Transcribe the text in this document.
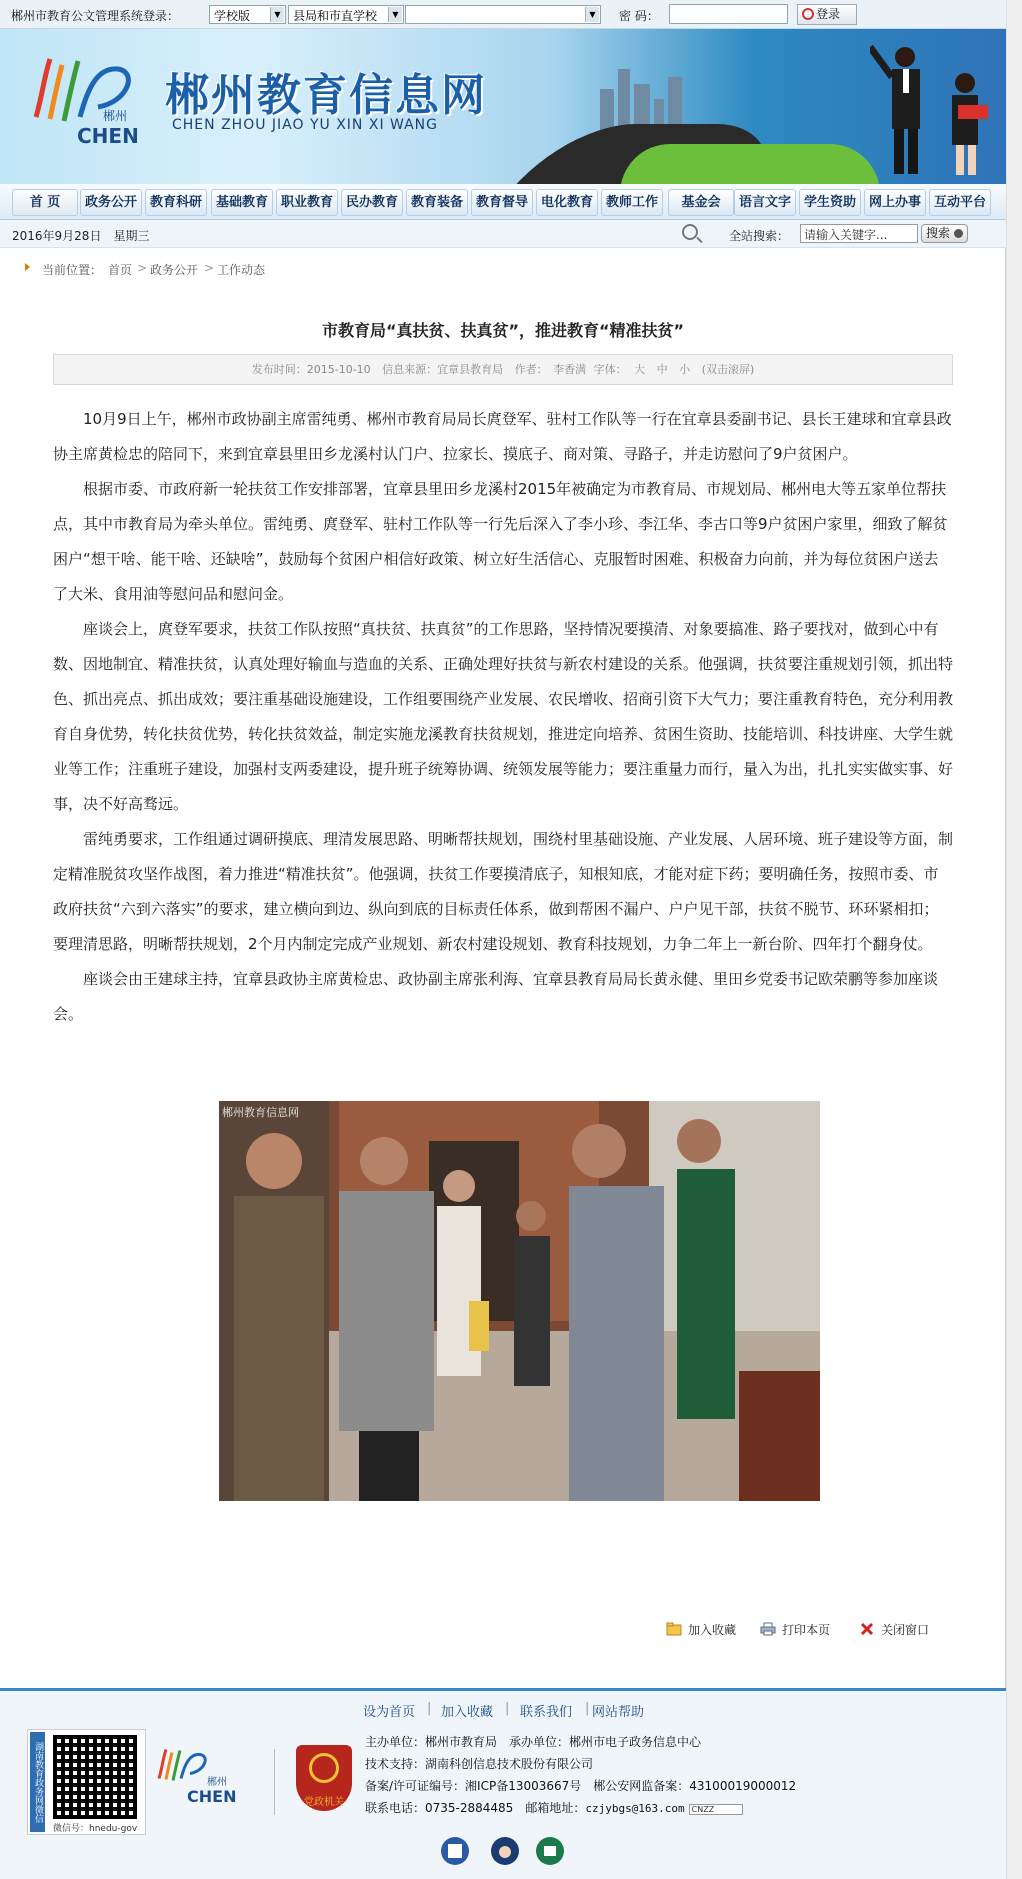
郴州市教育公文管理系统登录：	学校版	▼	县局和市直学校	▼	▼ 密 码：	登录
郴州
CHEN
郴州教育信息网
CHEN ZHOU JIAO YU XIN XI WANG
首 页	政务公开 教育科研	基础教育 职业教育 民办教育 教育装备 教育督导 电化教育 教师工作	基金会	语言文字 学生资助 网上办事 互动平台
2016年9月28日　星期三	全站搜索：	请输入关键字...	搜索
当前位置： 首页 > 政务公开 > 工作动态
市教育局“真扶贫、扶真贫”，推进教育“精准扶贫”
发布时间：2015-10-10 信息来源：宜章县教育局 作者：　李香满 字体： 大 中 小 (双击滚屏)

10月9日上午，郴州市政协副主席雷纯勇、郴州市教育局局长庹登军、驻村工作队等一行在宜章县委副书记、县长王建球和宜章县政协主席黄检忠的陪同下，来到宜章县里田乡龙溪村认门户、拉家长、摸底子、商对策、寻路子，并走访慰问了9户贫困户。

根据市委、市政府新一轮扶贫工作安排部署，宜章县里田乡龙溪村2015年被确定为市教育局、市规划局、郴州电大等五家单位帮扶点，其中市教育局为牵头单位。雷纯勇、庹登军、驻村工作队等一行先后深入了李小珍、李江华、李古口等9户贫困户家里，细致了解贫困户“想干啥、能干啥、还缺啥”，鼓励每个贫困户相信好政策、树立好生活信心、克服暂时困难、积极奋力向前，并为每位贫困户送去了大米、食用油等慰问品和慰问金。

座谈会上，庹登军要求，扶贫工作队按照“真扶贫、扶真贫”的工作思路，坚持情况要摸清、对象要搞准、路子要找对，做到心中有数、因地制宜、精准扶贫，认真处理好输血与造血的关系、正确处理好扶贫与新农村建设的关系。他强调，扶贫要注重规划引领，抓出特色、抓出亮点、抓出成效；要注重基础设施建设，工作组要围绕产业发展、农民增收、招商引资下大气力；要注重教育特色，充分利用教育自身优势，转化扶贫优势，转化扶贫效益，制定实施龙溪教育扶贫规划，推进定向培养、贫困生资助、技能培训、科技讲座、大学生就业等工作；注重班子建设，加强村支两委建设，提升班子统筹协调、统领发展等能力；要注重量力而行，量入为出，扎扎实实做实事、好事，决不好高骛远。

雷纯勇要求，工作组通过调研摸底、理清发展思路、明晰帮扶规划，围绕村里基础设施、产业发展、人居环境、班子建设等方面，制定精准脱贫攻坚作战图，着力推进“精准扶贫”。他强调，扶贫工作要摸清底子，知根知底，才能对症下药；要明确任务，按照市委、市政府扶贫“六到六落实”的要求，建立横向到边、纵向到底的目标责任体系，做到帮困不漏户、户户见干部，扶贫不脱节、环环紧相扣；要理清思路，明晰帮扶规划，2个月内制定完成产业规划、新农村建设规划、教育科技规划，力争二年上一新台阶、四年打个翻身仗。

座谈会由王建球主持，宜章县政协主席黄检忠、政协副主席张利海、宜章县教育局局长黄永健、里田乡党委书记欧荣鹏等参加座谈会。

郴州教育信息网
加入收藏	打印本页	关闭窗口
设为首页 | 加入收藏 | 联系我们 | 网站帮助
湖南教育政务网微信
微信号：hnedu-gov
郴州
CHEN	党政机关
主办单位：郴州市教育局　承办单位：郴州市电子政务信息中心
技术支持：湖南科创信息技术股份有限公司
备案/许可证编号：湘ICP备13003667号　郴公安网监备案：43100019000012
联系电话：0735-2884485　邮箱地址：czjybgs@163.com CNZZ
